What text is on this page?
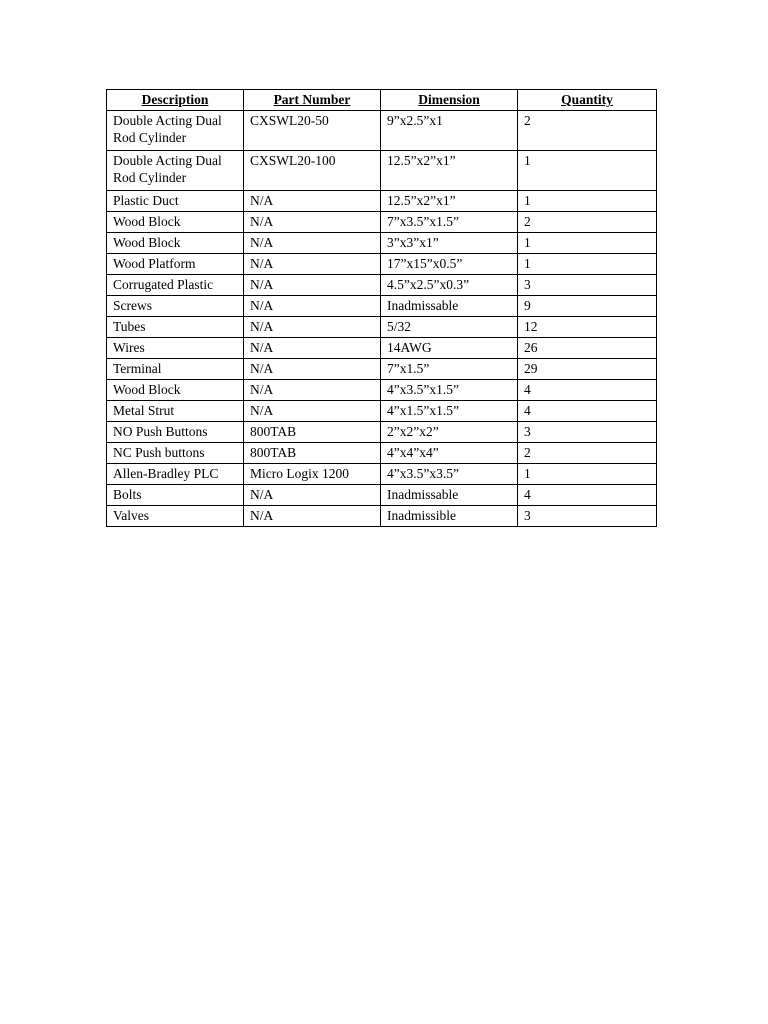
Description	Part Number	Dimension	Quantity
Double Acting Dual Rod Cylinder	CXSWL20-50	9”x2.5”x1	2
Double Acting Dual Rod Cylinder	CXSWL20-100	12.5”x2”x1”	1
Plastic Duct	N/A	12.5”x2”x1”	1
Wood Block	N/A	7”x3.5”x1.5”	2
Wood Block	N/A	3”x3”x1”	1
Wood Platform	N/A	17”x15”x0.5”	1
Corrugated Plastic	N/A	4.5”x2.5”x0.3”	3
Screws	N/A	Inadmissable	9
Tubes	N/A	5/32	12
Wires	N/A	14AWG	26
Terminal	N/A	7”x1.5”	29
Wood Block	N/A	4”x3.5”x1.5”	4
Metal Strut	N/A	4”x1.5”x1.5”	4
NO Push Buttons	800TAB	2”x2”x2”	3
NC Push buttons	800TAB	4”x4”x4”	2
Allen-Bradley PLC	Micro Logix 1200	4”x3.5”x3.5”	1
Bolts	N/A	Inadmissable	4
Valves	N/A	Inadmissible	3
